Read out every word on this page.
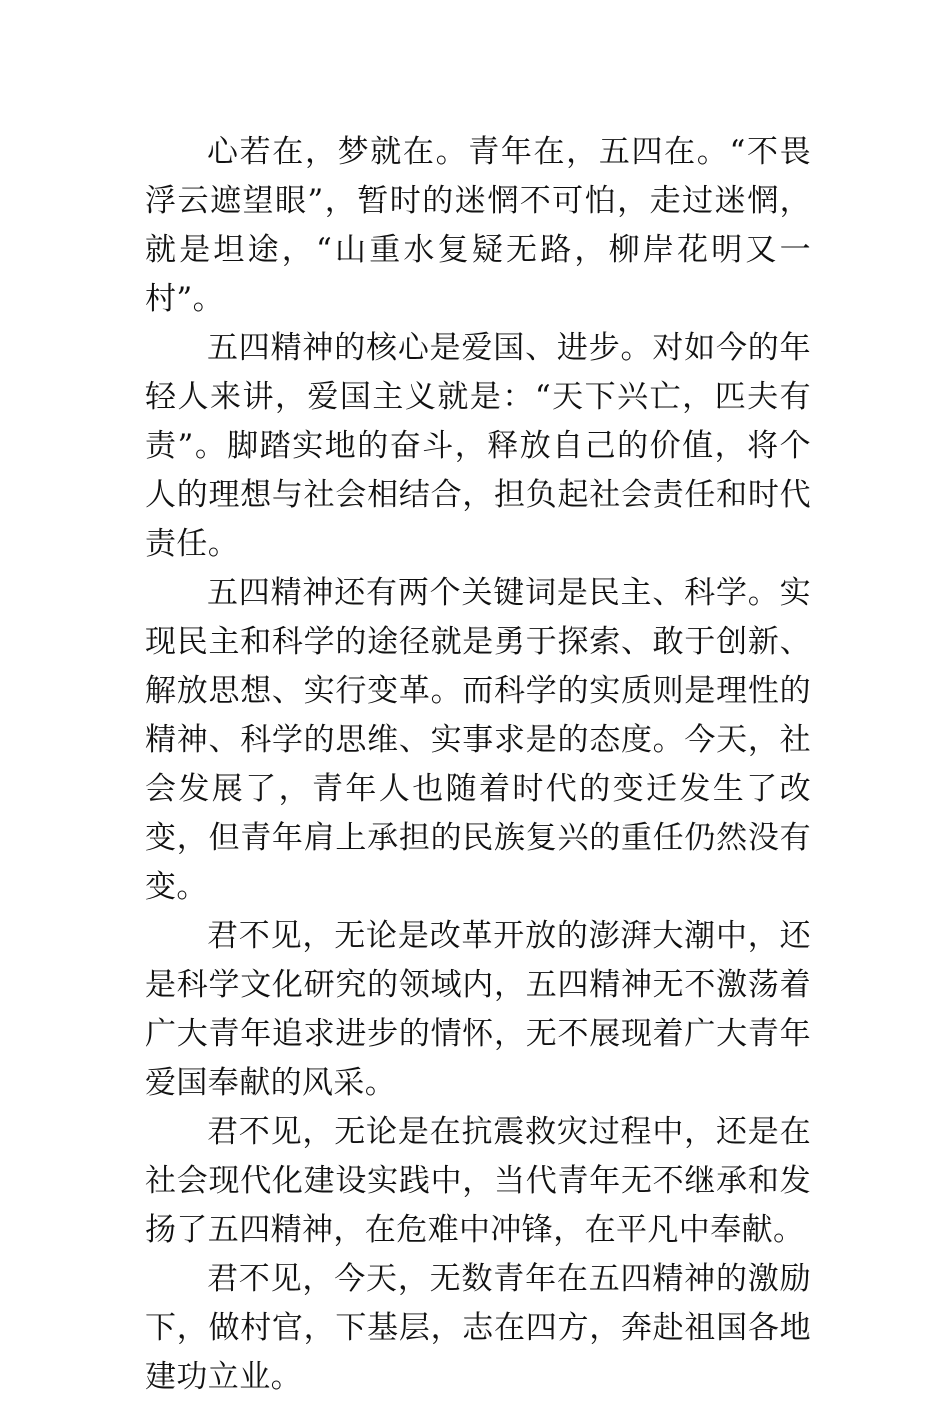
心若在，梦就在。青年在，五四在。“不畏浮云遮望眼”，暂时的迷惘不可怕，走过迷惘，就是坦途，“山重水复疑无路，柳岸花明又一村”。

五四精神的核心是爱国、进步。对如今的年轻人来讲，爱国主义就是：“天下兴亡，匹夫有责”。脚踏实地的奋斗，释放自己的价值，将个人的理想与社会相结合，担负起社会责任和时代责任。

五四精神还有两个关键词是民主、科学。实现民主和科学的途径就是勇于探索、敢于创新、解放思想、实行变革。而科学的实质则是理性的精神、科学的思维、实事求是的态度。今天，社会发展了，青年人也随着时代的变迁发生了改变，但青年肩上承担的民族复兴的重任仍然没有变。

君不见，无论是改革开放的澎湃大潮中，还是科学文化研究的领域内，五四精神无不激荡着广大青年追求进步的情怀，无不展现着广大青年爱国奉献的风采。

君不见，无论是在抗震救灾过程中，还是在社会现代化建设实践中，当代青年无不继承和发扬了五四精神，在危难中冲锋，在平凡中奉献。

君不见，今天，无数青年在五四精神的激励下，做村官，下基层，志在四方，奔赴祖国各地建功立业。
